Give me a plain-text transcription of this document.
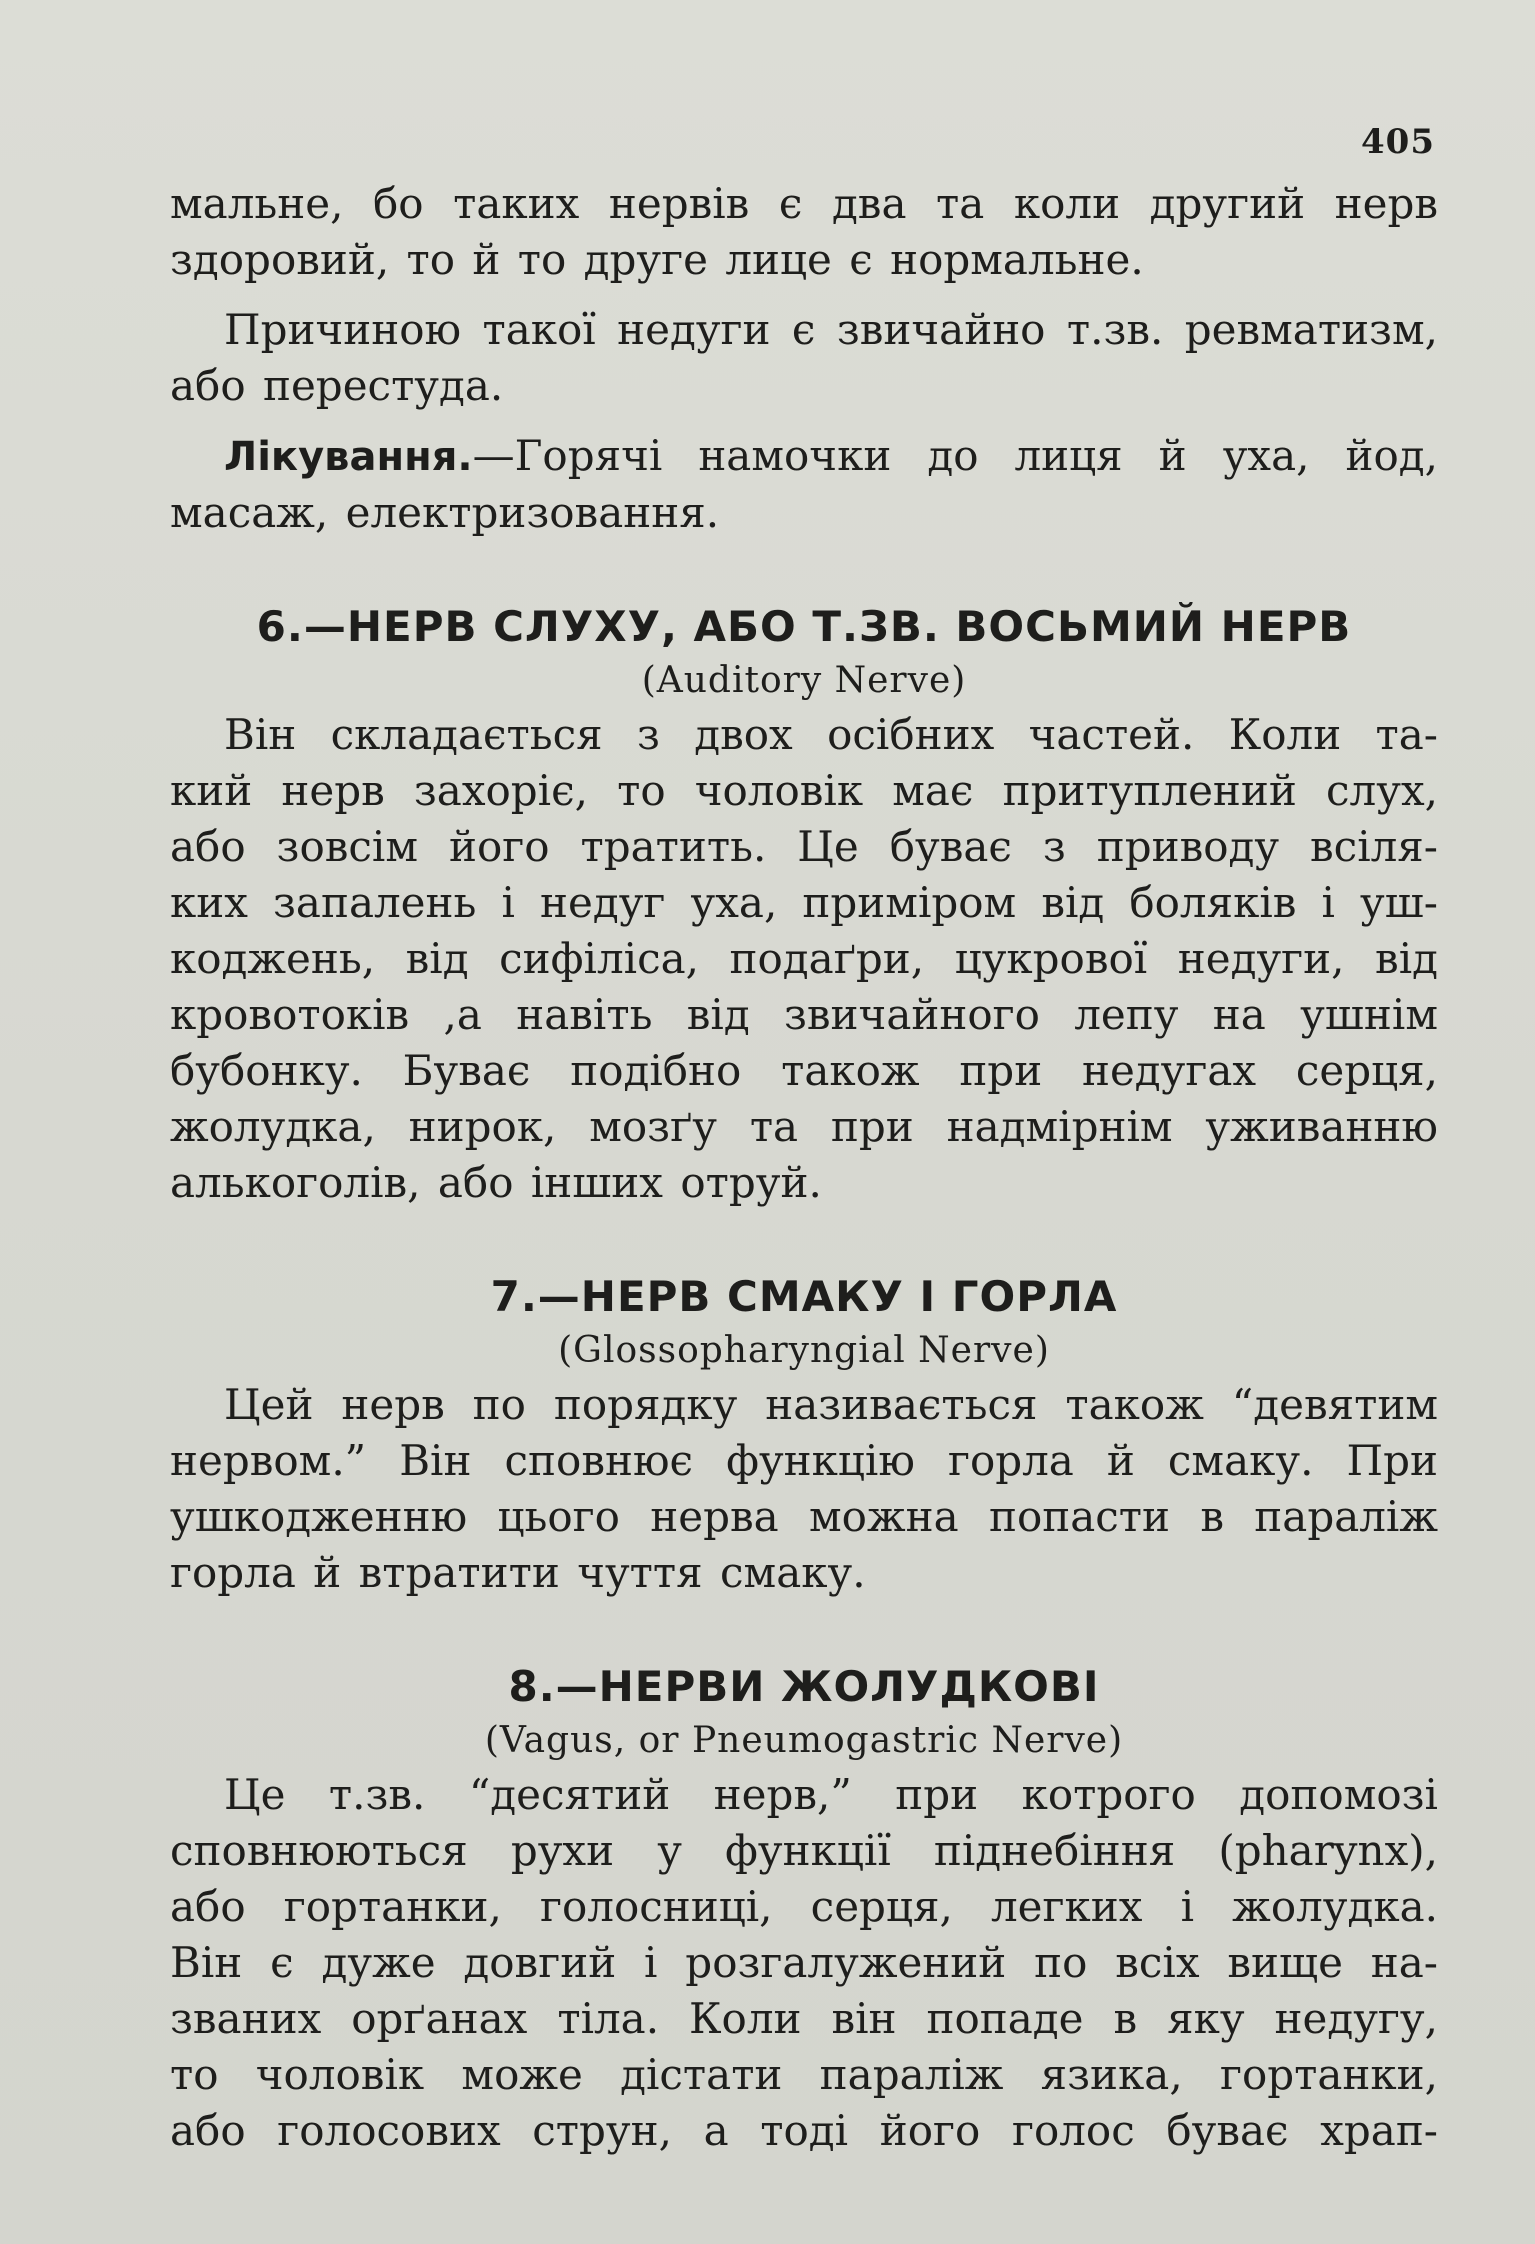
405

мальне, бо таких нервів є два та коли другий нерв

здоровий, то й то друге лице є нормальне.

Причиною такої недуги є звичайно т.зв. ревматизм,

або перестуда.

Лікування.—Горячі намочки до лиця й уха, йод,

масаж, електризовання.

6.—НЕРВ СЛУХУ, АБО Т.ЗВ. ВОСЬМИЙ НЕРВ
(Auditory Nerve)

Він складається з двох осібних частей. Коли та-

кий нерв захоріє, то чоловік має притуплений слух,

або зовсім його тратить. Це буває з приводу всіля-

ких запалень і недуг уха, приміром від боляків і уш-

коджень, від сифіліса, подаґри, цукрової недуги, від

кровотоків ,а навіть від звичайного лепу на ушнім

бубонку. Буває подібно також при недугах серця,

жолудка, нирок, мозґу та при надмірнім уживанню

алькоголів, або інших отруй.

7.—НЕРВ СМАКУ І ГОРЛА
(Glossopharyngial Nerve)

Цей нерв по порядку називається також “девятим

нервом.” Він сповнює функцію горла й смаку. При

ушкодженню цього нерва можна попасти в параліж

горла й втратити чуття смаку.

8.—НЕРВИ ЖОЛУДКОВІ
(Vagus, or Pneumogastric Nerve)

Це т.зв. “десятий нерв,” при котрого допомозі

сповнюються рухи у функції піднебіння (pharynx),

або гортанки, голосниці, серця, легких і жолудка.

Він є дуже довгий і розгалужений по всіх вище на-

званих орґанах тіла. Коли він попаде в яку недугу,

то чоловік може дістати параліж язика, гортанки,

або голосових струн, а тоді його голос буває храп-
